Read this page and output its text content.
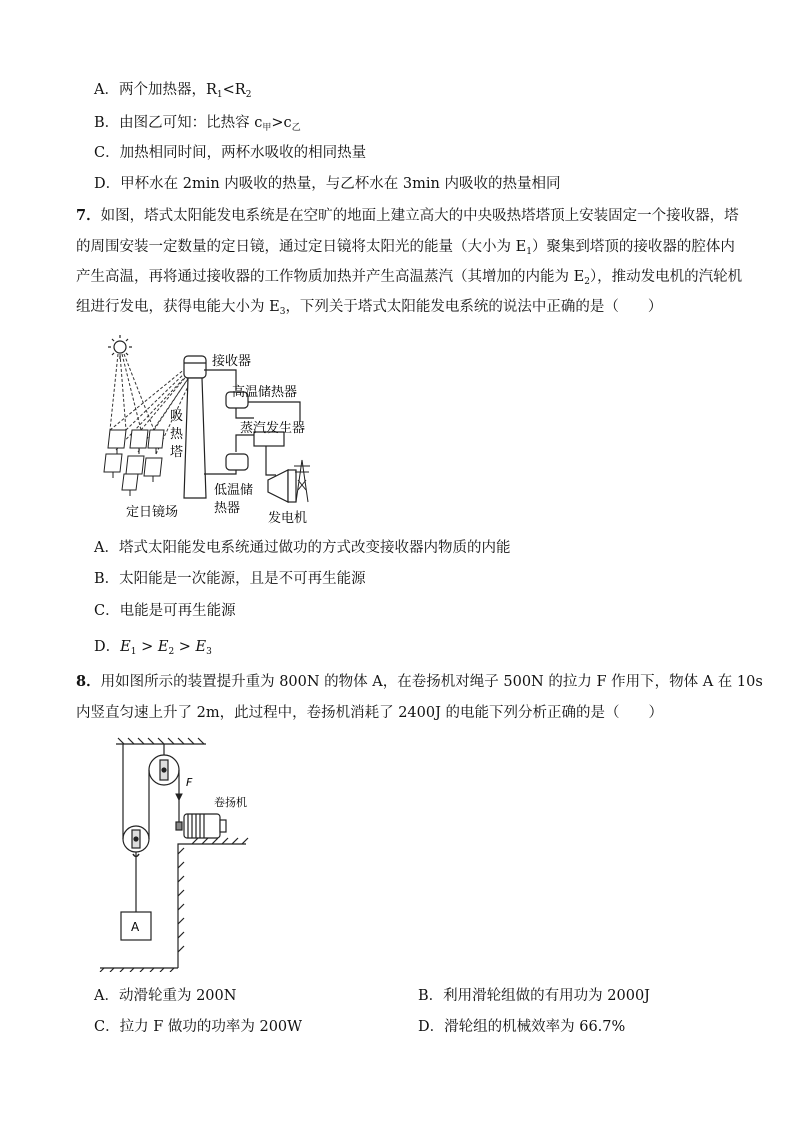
A．两个加热器，$R_1<R_2$
B．由图乙可知：比热容 $c_甲>c_乙$
C．加热相同时间，两杯水吸收的相同热量
D．甲杯水在 2min 内吸收的热量，与乙杯水在 3min 内吸收的热量相同
7．如图，塔式太阳能发电系统是在空旷的地面上建立高大的中央吸热塔塔顶上安装固定一个接收器，塔
的周围安装一定数量的定日镜，通过定日镜将太阳光的能量（大小为 $E_1$）聚集到塔顶的接收器的腔体内
产生高温，再将通过接收器的工作物质加热并产生高温蒸汽（其增加的内能为 $E_2$），推动发电机的汽轮机
组进行发电，获得电能大小为 $E_3$，下列关于塔式太阳能发电系统的说法中正确的是（　　）
接收器
吸
热
塔
定日镜场
高温储热器
蒸汽发生器
低温储
热器
发电机
A．塔式太阳能发电系统通过做功的方式改变接收器内物质的内能
B．太阳能是一次能源，且是不可再生能源
C．电能是可再生能源
D．$E_1 > E_2 > E_3$
8．用如图所示的装置提升重为 800N 的物体 A，在卷扬机对绳子 500N 的拉力 F 作用下，物体 A 在 10s
内竖直匀速上升了 2m，此过程中，卷扬机消耗了 2400J 的电能下列分析正确的是（　　）
F
卷扬机
A
A．动滑轮重为 200N	B．利用滑轮组做的有用功为 2000J
C．拉力 F 做功的功率为 200W	D．滑轮组的机械效率为 66.7%
